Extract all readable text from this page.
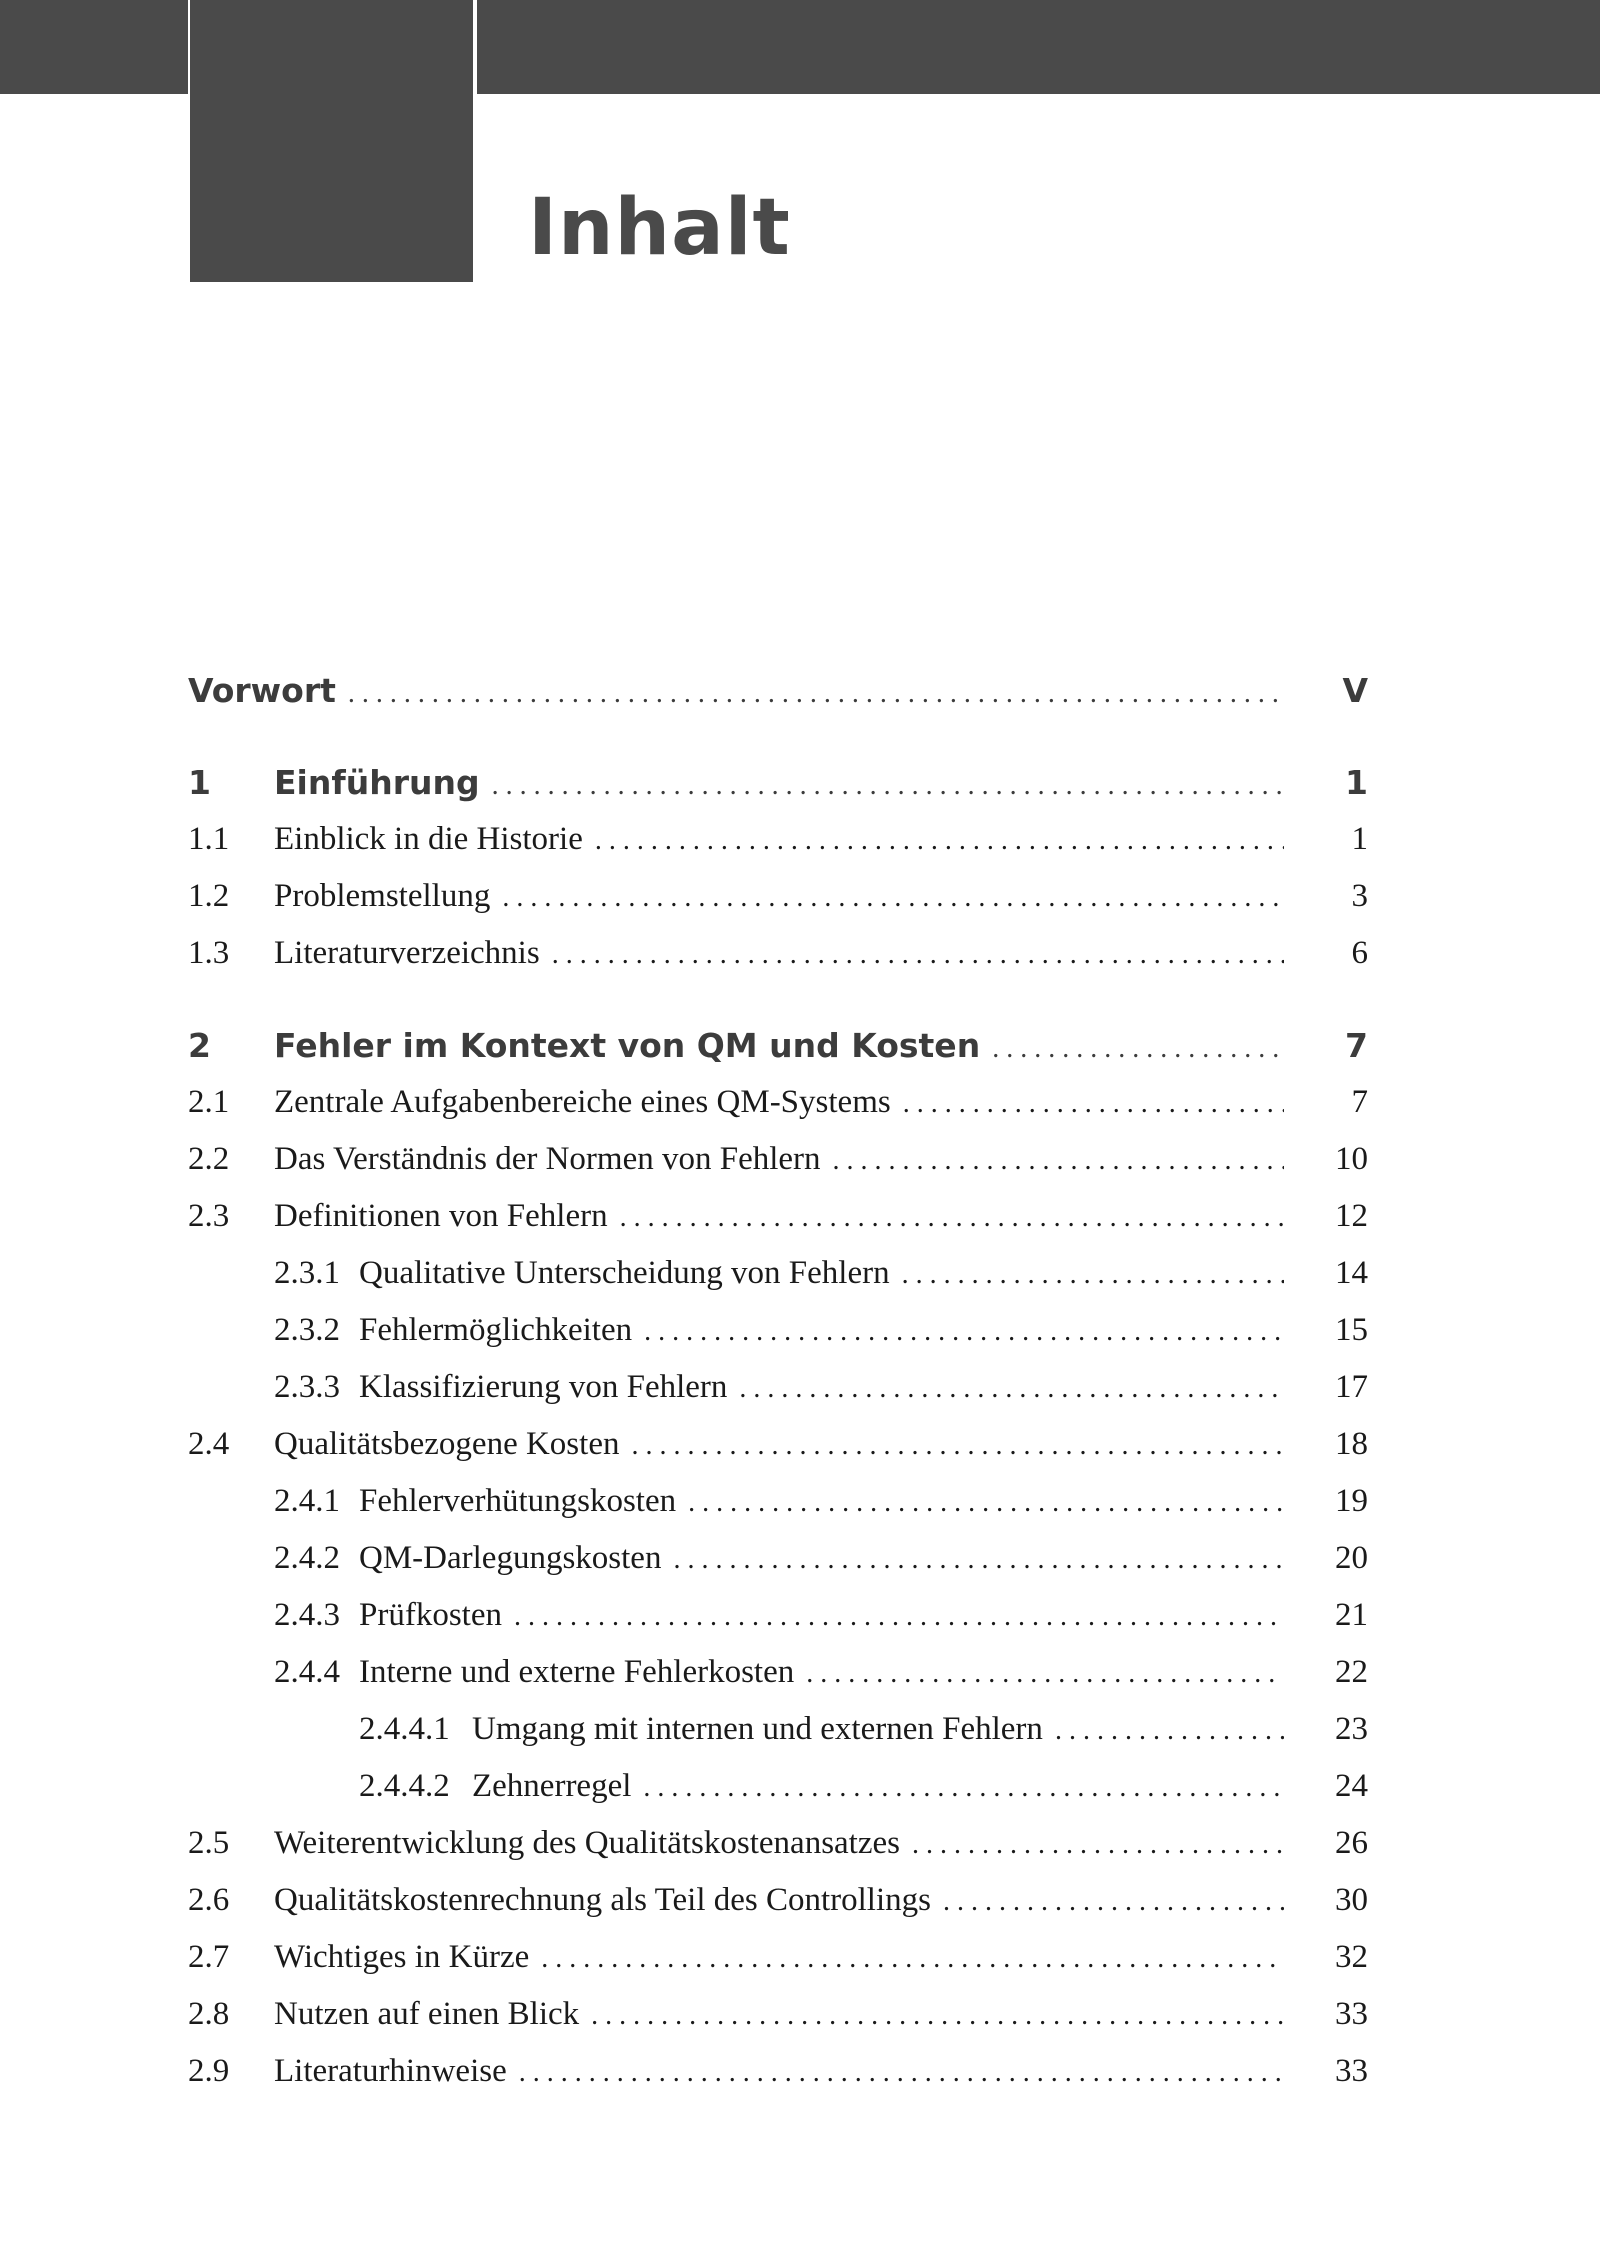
Inhalt
Vorwort . . .	V
1	Einführung . . .	1
1.1	Einblick in die Historie . . .	1
1.2	Problemstellung . . .	3
1.3	Literaturverzeichnis . . .	6
2	Fehler im Kontext von QM und Kosten . . .	7
2.1	Zentrale Aufgabenbereiche eines QM-Systems . . .	7
2.2	Das Verständnis der Normen von Fehlern . . .	10
2.3	Definitionen von Fehlern . . .	12
2.3.1 Qualitative Unterscheidung von Fehlern . . .	14
2.3.2 Fehlermöglichkeiten . . .	15
2.3.3 Klassifizierung von Fehlern . . .	17
2.4	Qualitätsbezogene Kosten . . .	18
2.4.1 Fehlerverhütungskosten . . .	19
2.4.2 QM-Darlegungskosten . . .	20
2.4.3 Prüfkosten . . .	21
2.4.4 Interne und externe Fehlerkosten . . .	22
2.4.4.1 Umgang mit internen und externen Fehlern . . .	23
2.4.4.2 Zehnerregel . . .	24
2.5	Weiterentwicklung des Qualitätskostenansatzes . . .	26
2.6	Qualitätskostenrechnung als Teil des Controllings . . .	30
2.7	Wichtiges in Kürze . . .	32
2.8	Nutzen auf einen Blick . . .	33
2.9	Literaturhinweise . . .	33
